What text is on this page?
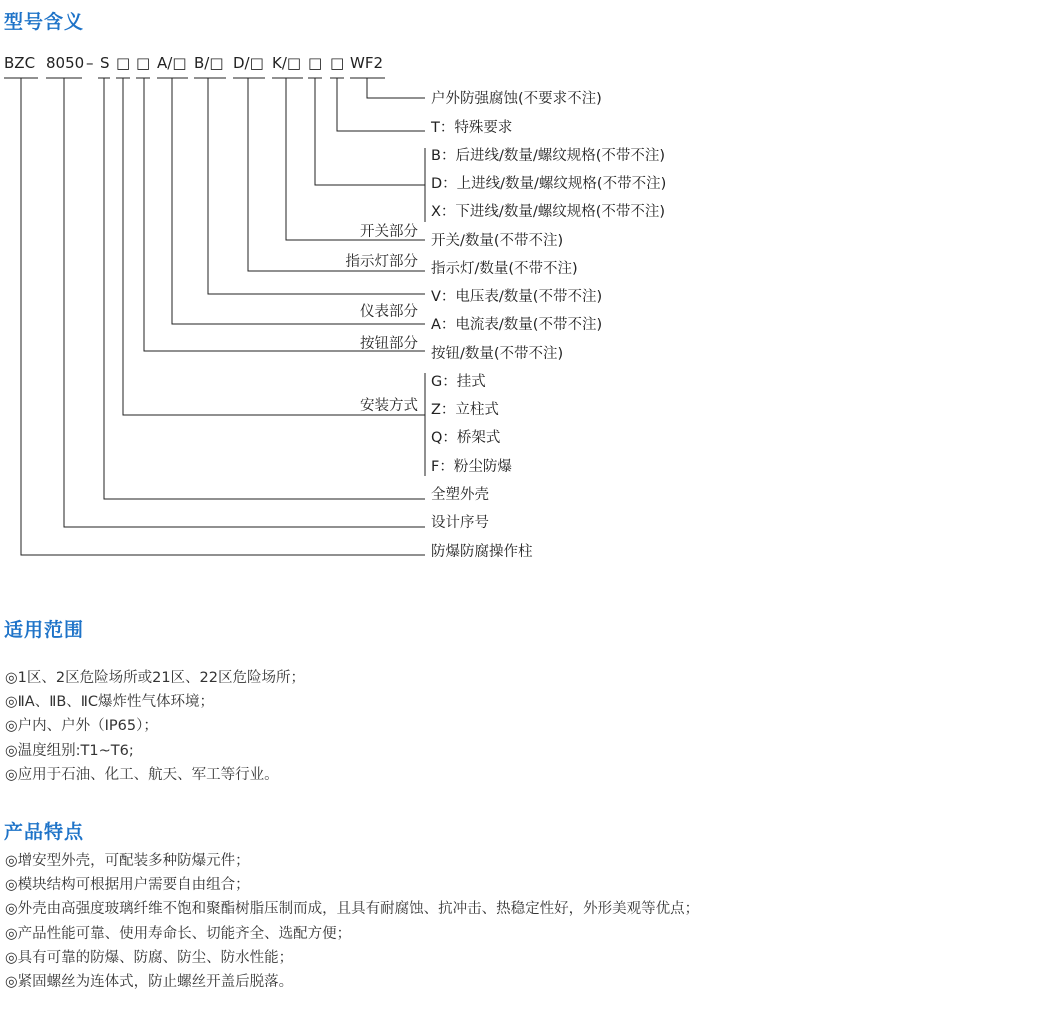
型号含义
BZC 8050 – S □ □ A/□ B/□ D/□ K/□ □ □ WF2
开关部分
指示灯部分
仪表部分
按钮部分
安装方式
户外防强腐蚀(不要求不注)
T：特殊要求
B：后进线/数量/螺纹规格(不带不注)
D：上进线/数量/螺纹规格(不带不注)
X：下进线/数量/螺纹规格(不带不注)
开关/数量(不带不注)
指示灯/数量(不带不注)
V：电压表/数量(不带不注)
A：电流表/数量(不带不注)
按钮/数量(不带不注)
G：挂式
Z：立柱式
Q：桥架式
F：粉尘防爆
全塑外壳
设计序号
防爆防腐操作柱
适用范围
◎1区、2区危险场所或21区、22区危险场所；
◎ⅡA、ⅡB、ⅡC爆炸性气体环境；
◎户内、户外（IP65）；
◎温度组别:T1~T6;
◎应用于石油、化工、航天、军工等行业。
产品特点
◎增安型外壳，可配装多种防爆元件；
◎模块结构可根据用户需要自由组合；
◎外壳由高强度玻璃纤维不饱和聚酯树脂压制而成，且具有耐腐蚀、抗冲击、热稳定性好，外形美观等优点；
◎产品性能可靠、使用寿命长、切能齐全、选配方便；
◎具有可靠的防爆、防腐、防尘、防水性能；
◎紧固螺丝为连体式，防止螺丝开盖后脱落。
